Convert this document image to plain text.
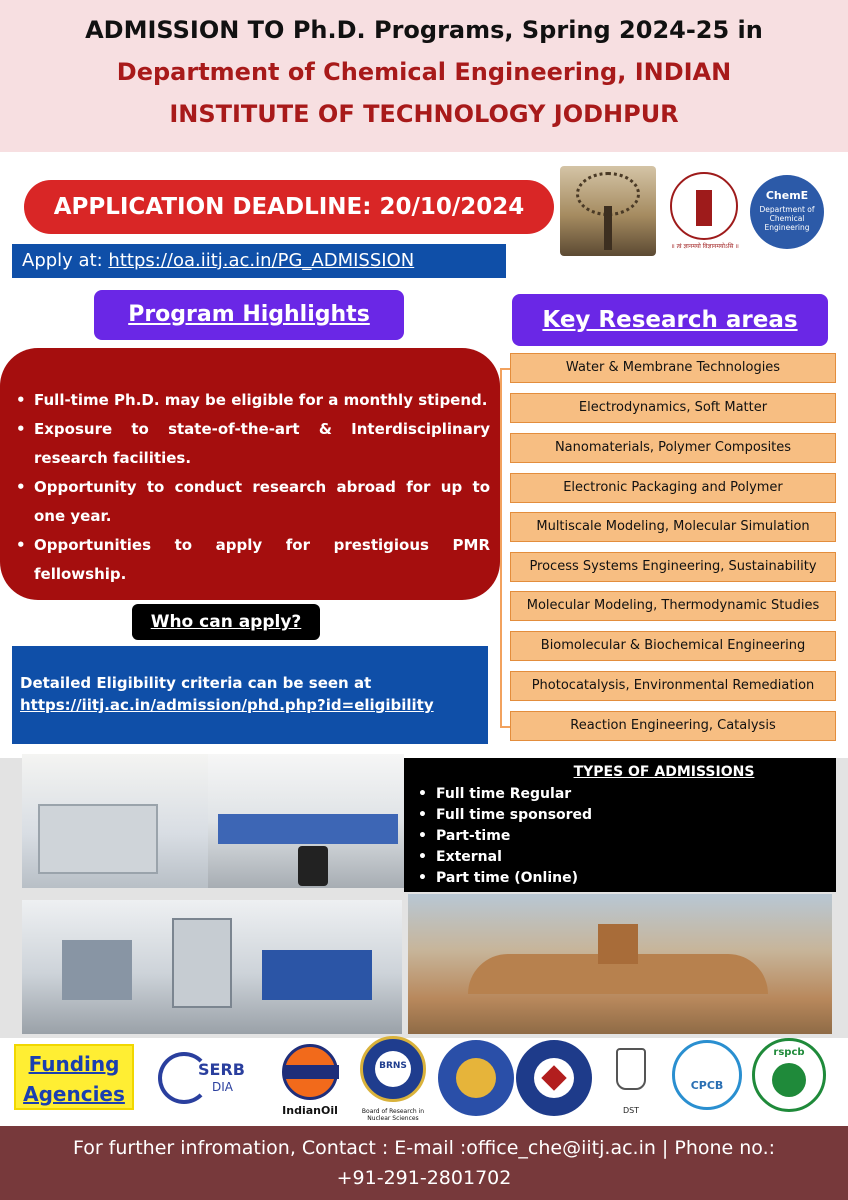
ADMISSION TO Ph.D. Programs, Spring 2024-25 in
Department of Chemical Engineering, INDIAN
INSTITUTE OF TECHNOLOGY JODHPUR
APPLICATION DEADLINE: 20/10/2024
Apply at: https://oa.iitj.ac.in/PG_ADMISSION
॥ त्वं ज्ञानमयो विज्ञानमयोऽसि ॥
ChemE
Department of Chemical Engineering
Program Highlights	Key Research areas
• Full-time Ph.D. may be eligible for a monthly stipend.
• Exposure to state-of-the-art & Interdisciplinary research facilities.
• Opportunity to conduct research abroad for up to one year.
• Opportunities to apply for prestigious PMR fellowship.
Who can apply?
Detailed Eligibility criteria can be seen at
https://iitj.ac.in/admission/phd.php?id=eligibility
Water & Membrane Technologies
Electrodynamics, Soft Matter
Nanomaterials, Polymer Composites
Electronic Packaging and Polymer
Multiscale Modeling, Molecular Simulation
Process Systems Engineering, Sustainability
Molecular Modeling, Thermodynamic Studies
Biomolecular & Biochemical Engineering
Photocatalysis, Environmental Remediation
Reaction Engineering, Catalysis
TYPES OF ADMISSIONS
• Full time Regular
• Full time sponsored
• Part-time
• External
• Part time (Online)
Funding
Agencies
SERB
DIA
IndianOil
BRNS
Board of Research in Nuclear Sciences
DST
CPCB
rspcb
For further infromation, Contact : E-mail :office_che@iitj.ac.in | Phone no.:
+91-291-2801702
